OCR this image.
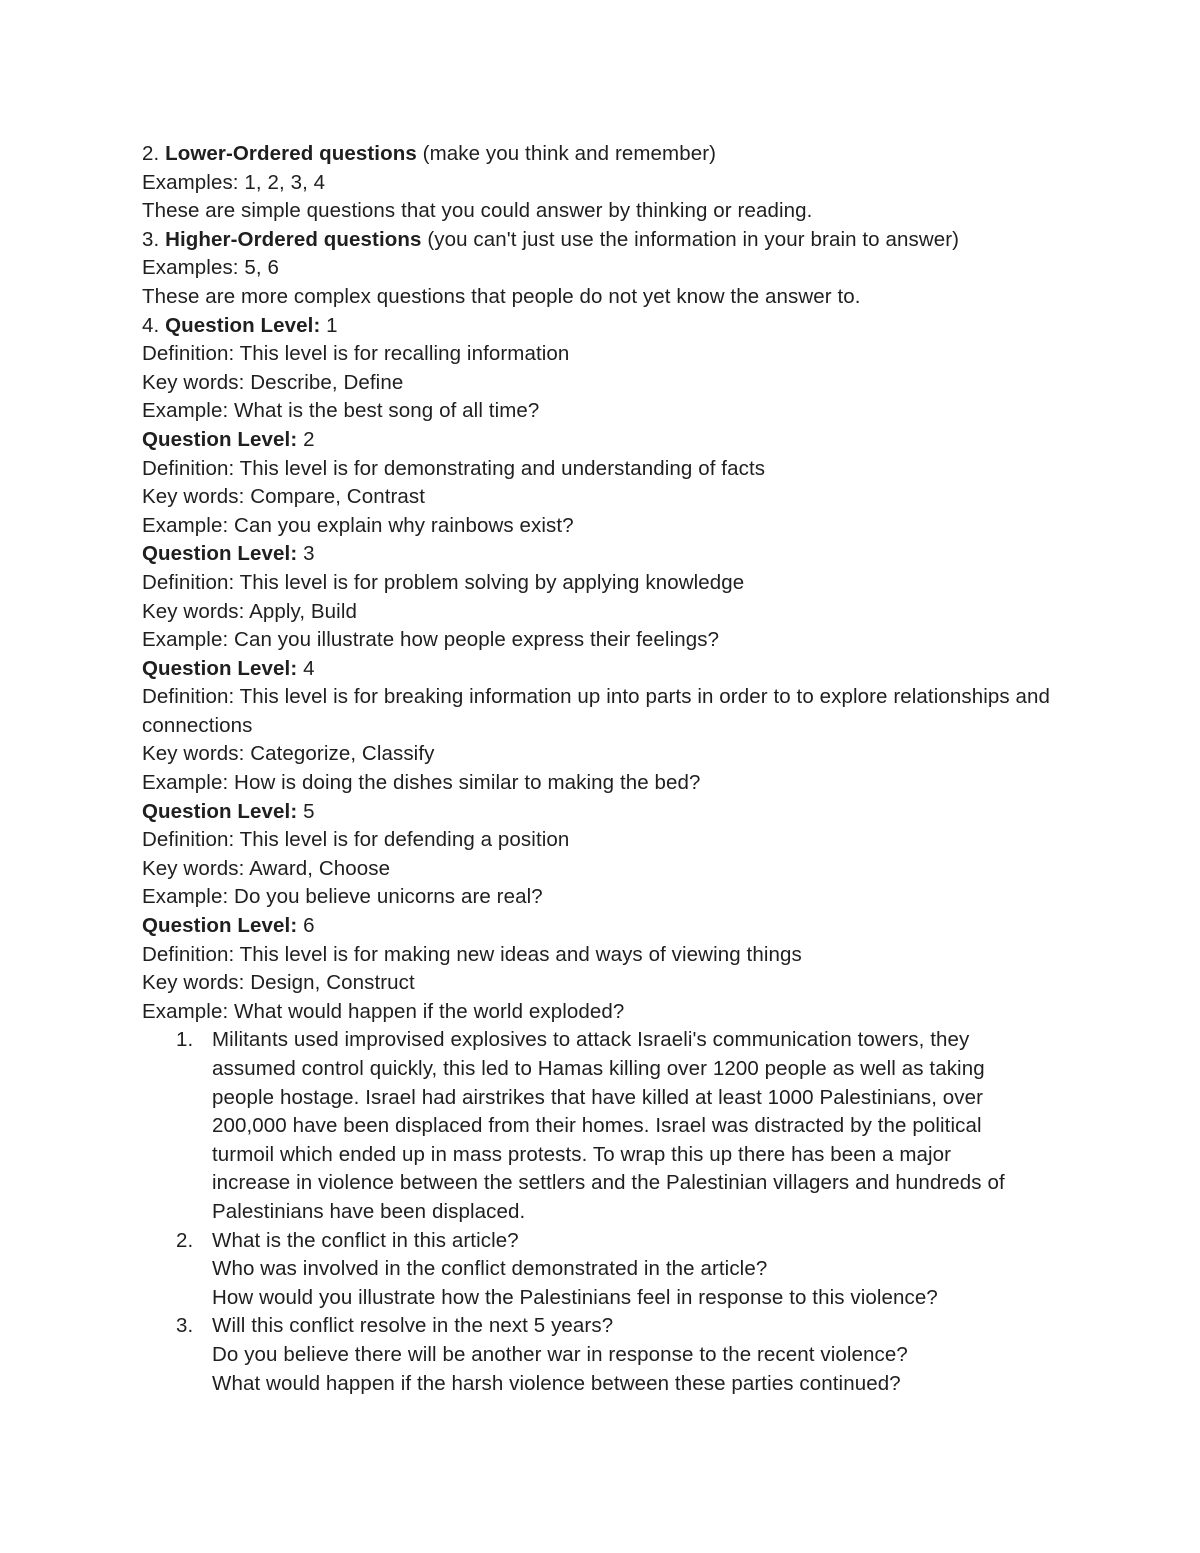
2. Lower-Ordered questions (make you think and remember)
Examples: 1, 2, 3, 4
These are simple questions that you could answer by thinking or reading.
3. Higher-Ordered questions (you can't just use the information in your brain to answer)
Examples: 5, 6
These are more complex questions that people do not yet know the answer to.
4. Question Level: 1
Definition: This level is for recalling information
Key words: Describe, Define
Example: What is the best song of all time?
Question Level: 2
Definition: This level is for demonstrating and understanding of facts
Key words: Compare, Contrast
Example: Can you explain why rainbows exist?
Question Level: 3
Definition: This level is for problem solving by applying knowledge
Key words: Apply, Build
Example: Can you illustrate how people express their feelings?
Question Level: 4
Definition: This level is for breaking information up into parts in order to to explore relationships and connections
Key words: Categorize, Classify
Example: How is doing the dishes similar to making the bed?
Question Level: 5
Definition: This level is for defending a position
Key words: Award, Choose
Example: Do you believe unicorns are real?
Question Level: 6
Definition: This level is for making new ideas and ways of viewing things
Key words: Design, Construct
Example: What would happen if the world exploded?
1. Militants used improvised explosives to attack Israeli's communication towers, they
assumed control quickly, this led to Hamas killing over 1200 people as well as taking
people hostage. Israel had airstrikes that have killed at least 1000 Palestinians, over
200,000 have been displaced from their homes. Israel was distracted by the political
turmoil which ended up in mass protests. To wrap this up there has been a major
increase in violence between the settlers and the Palestinian villagers and hundreds of
Palestinians have been displaced.
2. What is the conflict in this article?
Who was involved in the conflict demonstrated in the article?
How would you illustrate how the Palestinians feel in response to this violence?
3. Will this conflict resolve in the next 5 years?
Do you believe there will be another war in response to the recent violence?
What would happen if the harsh violence between these parties continued?
